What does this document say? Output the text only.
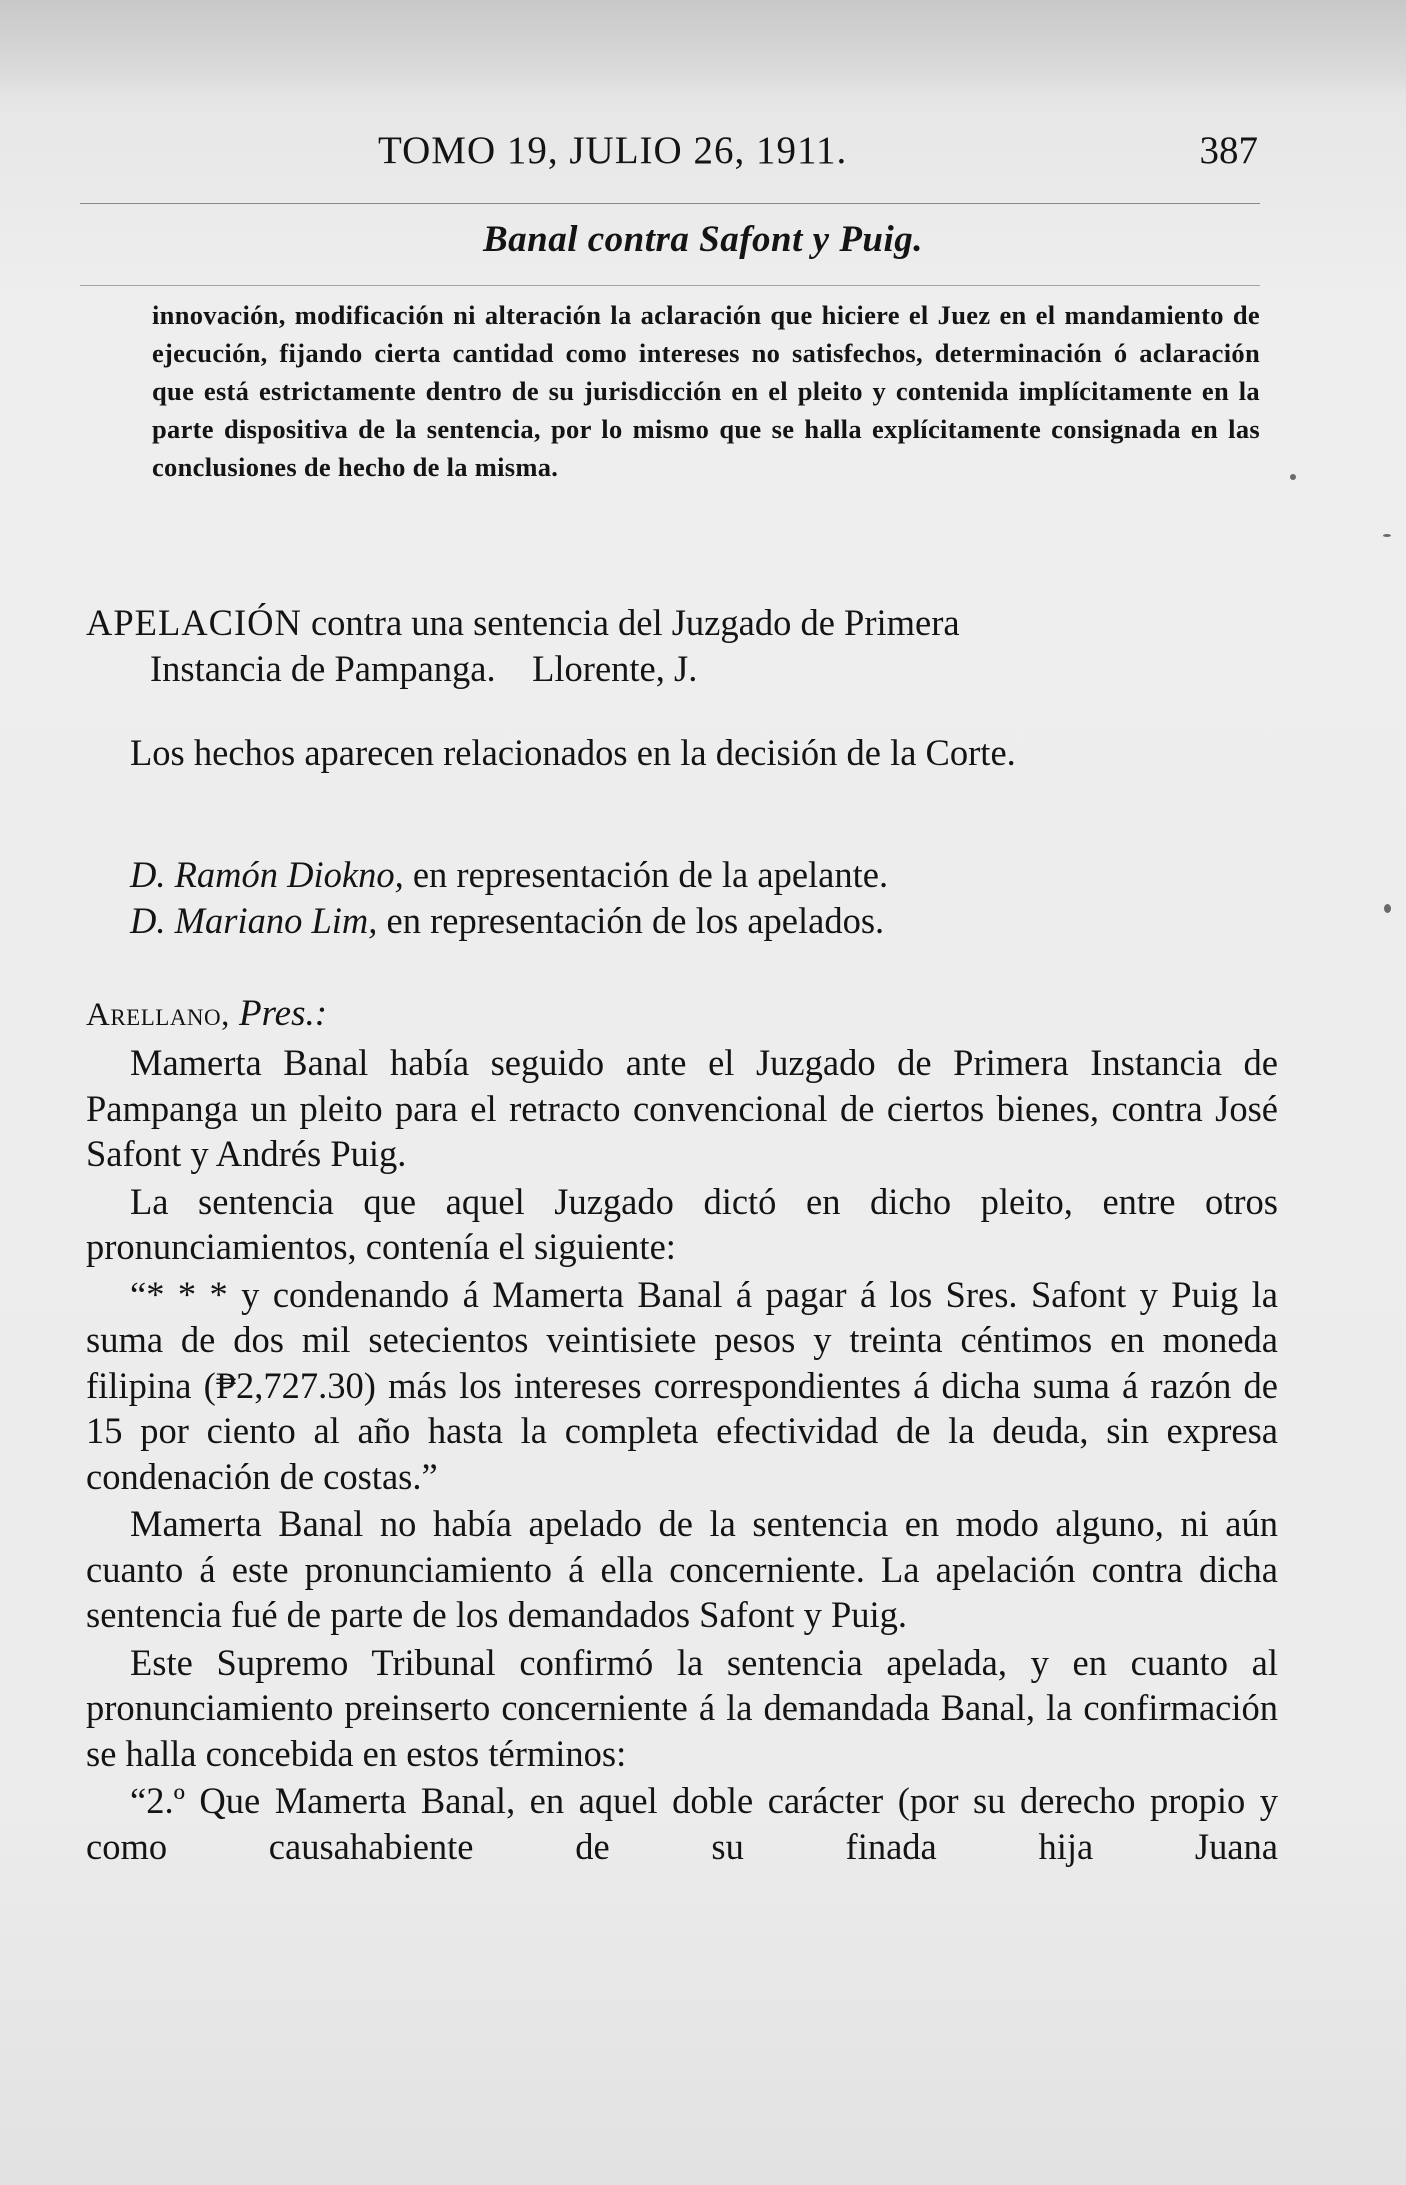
TOMO 19, JULIO 26, 1911.	387
Banal contra Safont y Puig.
innovación, modificación ni alteración la aclaración que hiciere el Juez en el mandamiento de ejecución, fijando cierta cantidad como intereses no satisfechos, determinación ó aclaración que está estrictamente dentro de su jurisdicción en el pleito y contenida implícitamente en la parte dispositiva de la sentencia, por lo mismo que se halla explícitamente consignada en las conclusiones de hecho de la misma.
APELACIÓN contra una sentencia del Juzgado de Primera
Instancia de Pampanga.    Llorente, J.
Los hechos aparecen relacionados en la decisión de la Corte.
D. Ramón Diokno, en representación de la apelante.
D. Mariano Lim, en representación de los apelados.
Arellano, Pres.:

Mamerta Banal había seguido ante el Juzgado de Primera Instancia de Pampanga un pleito para el retracto convencional de ciertos bienes, contra José Safont y Andrés Puig.

La sentencia que aquel Juzgado dictó en dicho pleito, entre otros pronunciamientos, contenía el siguiente:

“* * * y condenando á Mamerta Banal á pagar á los Sres. Safont y Puig la suma de dos mil setecientos veintisiete pesos y treinta céntimos en moneda filipina (₱2,727.30) más los intereses correspondientes á dicha suma á razón de 15 por ciento al año hasta la completa efectividad de la deuda, sin expresa condenación de costas.”

Mamerta Banal no había apelado de la sentencia en modo alguno, ni aún cuanto á este pronunciamiento á ella concerniente. La apelación contra dicha sentencia fué de parte de los demandados Safont y Puig.

Este Supremo Tribunal confirmó la sentencia apelada, y en cuanto al pronunciamiento preinserto concerniente á la demandada Banal, la confirmación se halla concebida en estos términos:

“2.º Que Mamerta Banal, en aquel doble carácter (por su derecho propio y como causahabiente de su finada hija Juana
